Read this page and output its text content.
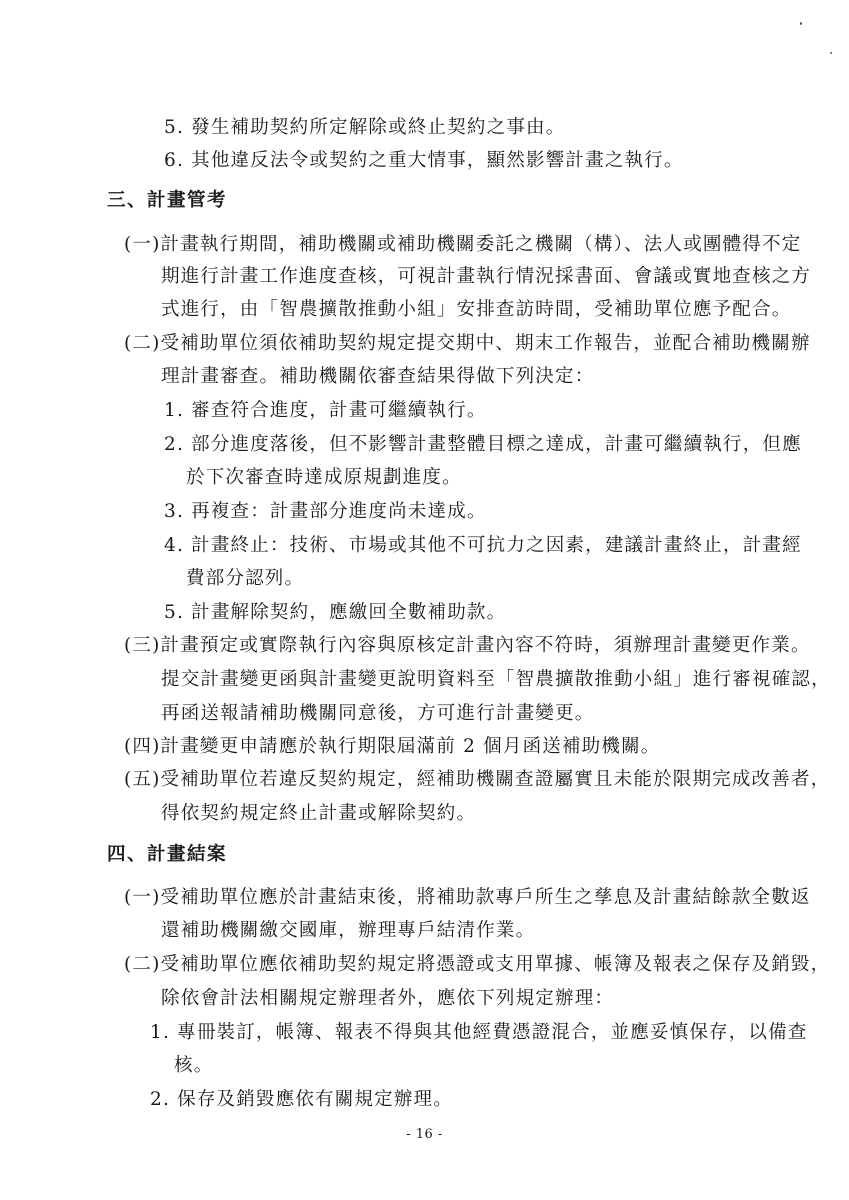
5. 發生補助契約所定解除或終止契約之事由。
6. 其他違反法令或契約之重大情事，顯然影響計畫之執行。
三、計畫管考
(一)計畫執行期間，補助機關或補助機關委託之機關（構）、法人或團體得不定
期進行計畫工作進度查核，可視計畫執行情況採書面、會議或實地查核之方
式進行，由「智農擴散推動小組」安排查訪時間，受補助單位應予配合。
(二)受補助單位須依補助契約規定提交期中、期末工作報告，並配合補助機關辦
理計畫審查。補助機關依審查結果得做下列決定：
1. 審查符合進度，計畫可繼續執行。
2. 部分進度落後，但不影響計畫整體目標之達成，計畫可繼續執行，但應
於下次審查時達成原規劃進度。
3. 再複查：計畫部分進度尚未達成。
4. 計畫終止：技術、市場或其他不可抗力之因素，建議計畫終止，計畫經
費部分認列。
5. 計畫解除契約，應繳回全數補助款。
(三)計畫預定或實際執行內容與原核定計畫內容不符時，須辦理計畫變更作業。
提交計畫變更函與計畫變更說明資料至「智農擴散推動小組」進行審視確認，
再函送報請補助機關同意後，方可進行計畫變更。
(四)計畫變更申請應於執行期限屆滿前 2 個月函送補助機關。
(五)受補助單位若違反契約規定，經補助機關查證屬實且未能於限期完成改善者，
得依契約規定終止計畫或解除契約。
四、計畫結案
(一)受補助單位應於計畫結束後，將補助款專戶所生之孳息及計畫結餘款全數返
還補助機關繳交國庫，辦理專戶結清作業。
(二)受補助單位應依補助契約規定將憑證或支用單據、帳簿及報表之保存及銷毀，
除依會計法相關規定辦理者外，應依下列規定辦理：
1. 專冊裝訂，帳簿、報表不得與其他經費憑證混合，並應妥慎保存，以備查
核。
2. 保存及銷毀應依有關規定辦理。
- 16 -
